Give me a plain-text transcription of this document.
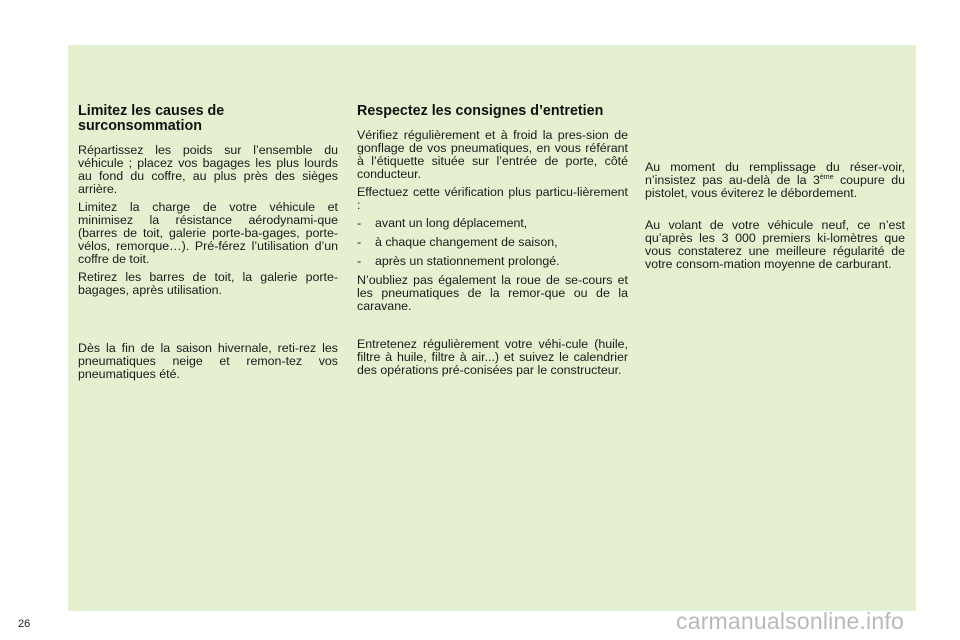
Limitez les causes de surconsommation

Répartissez les poids sur l’ensemble du véhicule ; placez vos bagages les plus lourds au fond du coffre, au plus près des sièges arrière.

Limitez la charge de votre véhicule et minimisez la résistance aérodynami-que (barres de toit, galerie porte-ba-gages, porte-vélos, remorque…). Pré-férez l’utilisation d’un coffre de toit.

Retirez les barres de toit, la galerie porte-bagages, après utilisation.

Dès la fin de la saison hivernale, reti-rez les pneumatiques neige et remon-tez vos pneumatiques été.

Respectez les consignes d’entretien

Vérifiez régulièrement et à froid la pres-sion de gonflage de vos pneumatiques, en vous référant à l’étiquette située sur l’entrée de porte, côté conducteur.

Effectuez cette vérification plus particu-lièrement :

-	avant un long déplacement,
-	à chaque changement de saison,
-	après un stationnement prolongé.

N’oubliez pas également la roue de se-cours et les pneumatiques de la remor-que ou de la caravane.

Entretenez régulièrement votre véhi-cule (huile, filtre à huile, filtre à air...) et suivez le calendrier des opérations pré-conisées par le constructeur.

Au moment du remplissage du réser-voir, n’insistez pas au-delà de la 3ème coupure du pistolet, vous éviterez le débordement.

Au volant de votre véhicule neuf, ce n’est qu’après les 3 000 premiers ki-lomètres que vous constaterez une meilleure régularité de votre consom-mation moyenne de carburant.

26	carmanualsonline.info
